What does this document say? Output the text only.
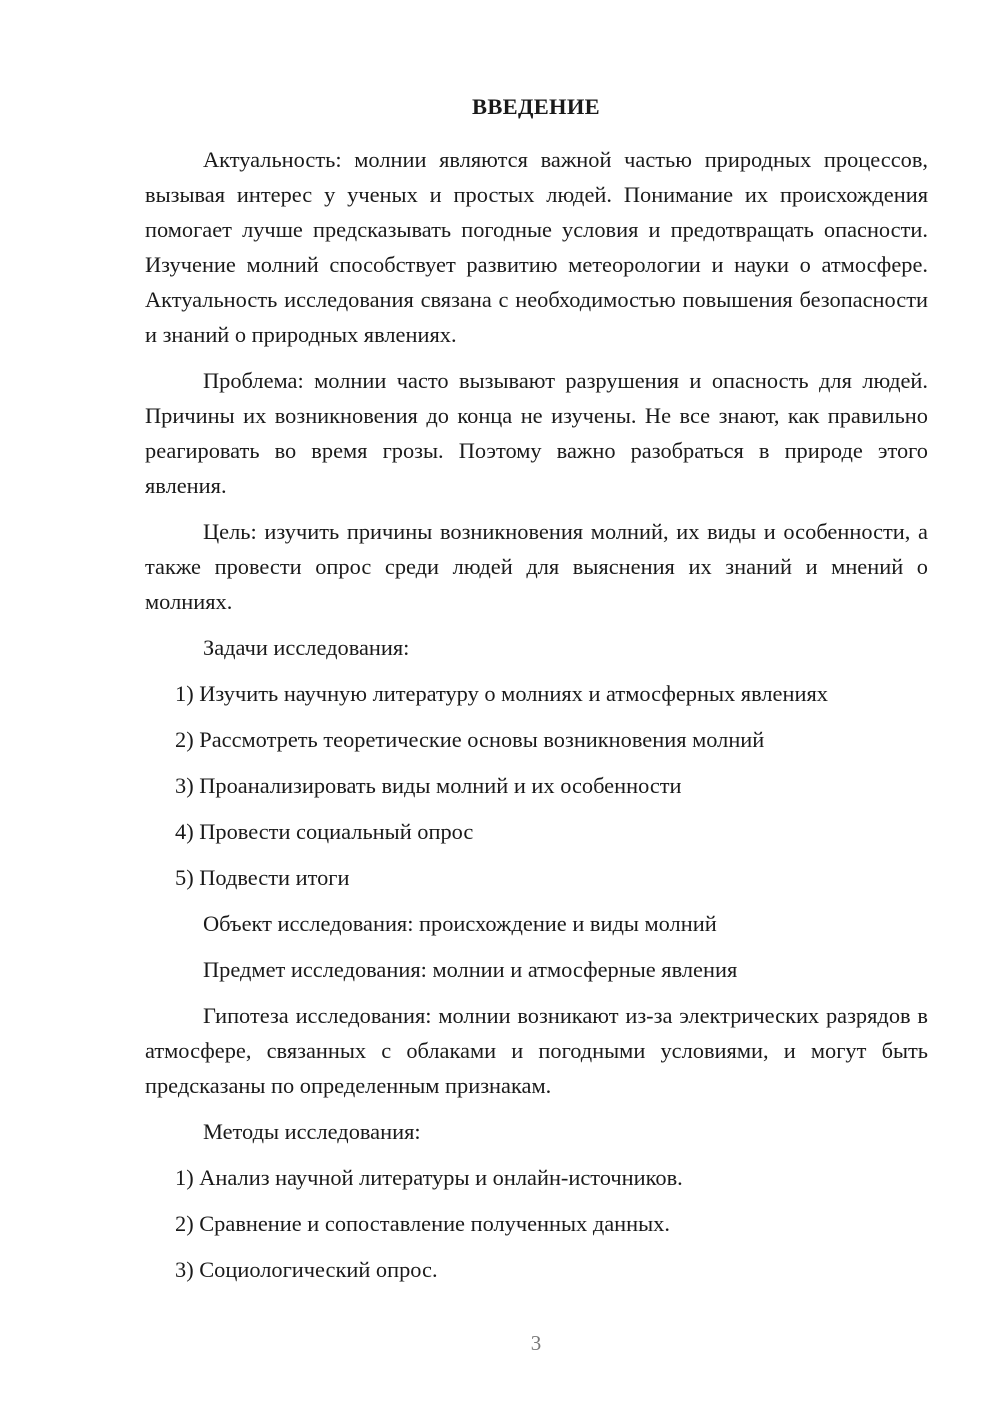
ВВЕДЕНИЕ

Актуальность: молнии являются важной частью природных процессов, вызывая интерес у ученых и простых людей. Понимание их происхождения помогает лучше предсказывать погодные условия и предотвращать опасности. Изучение молний способствует развитию метеорологии и науки о атмосфере. Актуальность исследования связана с необходимостью повышения безопасности и знаний о природных явлениях.

Проблема: молнии часто вызывают разрушения и опасность для людей. Причины их возникновения до конца не изучены. Не все знают, как правильно реагировать во время грозы. Поэтому важно разобраться в природе этого явления.

Цель: изучить причины возникновения молний, их виды и особенности, а также провести опрос среди людей для выяснения их знаний и мнений о молниях.

Задачи исследования:
1) Изучить научную литературу о молниях и атмосферных явлениях
2) Рассмотреть теоретические основы возникновения молний
3) Проанализировать виды молний и их особенности
4) Провести социальный опрос
5) Подвести итоги
Объект исследования: происхождение и виды молний
Предмет исследования: молнии и атмосферные явления

Гипотеза исследования: молнии возникают из-за электрических разрядов в атмосфере, связанных с облаками и погодными условиями, и могут быть предсказаны по определенным признакам.

Методы исследования:
1) Анализ научной литературы и онлайн-источников.
2) Сравнение и сопоставление полученных данных.
3) Социологический опрос.
3
